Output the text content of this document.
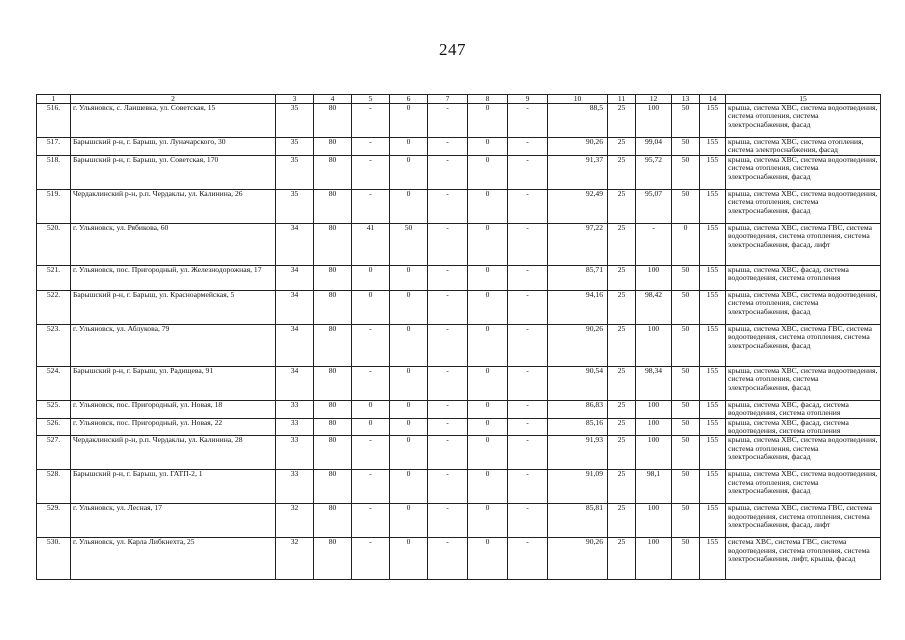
247
1	2	3	4	5	6	7	8	9	10	11	12	13	14	15
516.	г. Ульяновск, с. Лаишевка, ул. Советская, 15	35	80	-	0	-	0	-	88,5	25	100	50	155	крыша, система ХВС, система водоотведения, система отопления, система электроснабжения, фасад
517.	Барышский р-н, г. Барыш, ул. Луначарского, 30	35	80	-	0	-	0	-	90,26	25	99,04	50	155	крыша, система ХВС, система отопления, система электроснабжения, фасад
518.	Барышский р-н, г. Барыш, ул. Советская, 170	35	80	-	0	-	0	-	91,37	25	95,72	50	155	крыша, система ХВС, система водоотведения, система отопления, система электроснабжения, фасад
519.	Чердаклинский р-н, р.п. Чердаклы, ул. Калинина, 26	35	80	-	0	-	0	-	92,49	25	95,07	50	155	крыша, система ХВС, система водоотведения, система отопления, система электроснабжения, фасад
520.	г. Ульяновск, ул. Рябикова, 60	34	80	41	50	-	0	-	97,22	25	-	0	155	крыша, система ХВС, система ГВС, система водоотведения, система отопления, система электроснабжения, фасад, лифт
521.	г. Ульяновск, пос. Пригородный, ул. Железнодорожная, 17	34	80	0	0	-	0	-	85,71	25	100	50	155	крыша, система ХВС, фасад, система водоотведения, система отопления
522.	Барышский р-н, г. Барыш, ул. Красноармейская, 5	34	80	0	0	-	0	-	94,16	25	98,42	50	155	крыша, система ХВС, система водоотведения, система отопления, система электроснабжения, фасад
523.	г. Ульяновск, ул. Аблукова, 79	34	80	-	0	-	0	-	90,26	25	100	50	155	крыша, система ХВС, система ГВС, система водоотведения, система отопления, система электроснабжения, фасад
524.	Барышский р-н, г. Барыш, ул. Радищева, 91	34	80	-	0	-	0	-	90,54	25	98,34	50	155	крыша, система ХВС, система водоотведения, система отопления, система электроснабжения, фасад
525.	г. Ульяновск, пос. Пригородный, ул. Новая, 18	33	80	0	0	-	0	-	86,83	25	100	50	155	крыша, система ХВС, фасад, система водоотведения, система отопления
526.	г. Ульяновск, пос. Пригородный, ул. Новая, 22	33	80	0	0	-	0	-	85,16	25	100	50	155	крыша, система ХВС, фасад, система водоотведения, система отопления
527.	Чердаклинский р-н, р.п. Чердаклы, ул. Калинина, 28	33	80	-	0	-	0	-	91,93	25	100	50	155	крыша, система ХВС, система водоотведения, система отопления, система электроснабжения, фасад
528.	Барышский р-н, г. Барыш, ул. ГАТП-2, 1	33	80	-	0	-	0	-	91,09	25	98,1	50	155	крыша, система ХВС, система водоотведения, система отопления, система электроснабжения, фасад
529.	г. Ульяновск, ул. Лесная, 17	32	80	-	0	-	0	-	85,81	25	100	50	155	крыша, система ХВС, система ГВС, система водоотведения, система отопления, система электроснабжения, фасад, лифт
530.	г. Ульяновск, ул. Карла Либкнехта, 25	32	80	-	0	-	0	-	90,26	25	100	50	155	система ХВС, система ГВС, система водоотведения, система отопления, система электроснабжения, лифт, крыша, фасад
